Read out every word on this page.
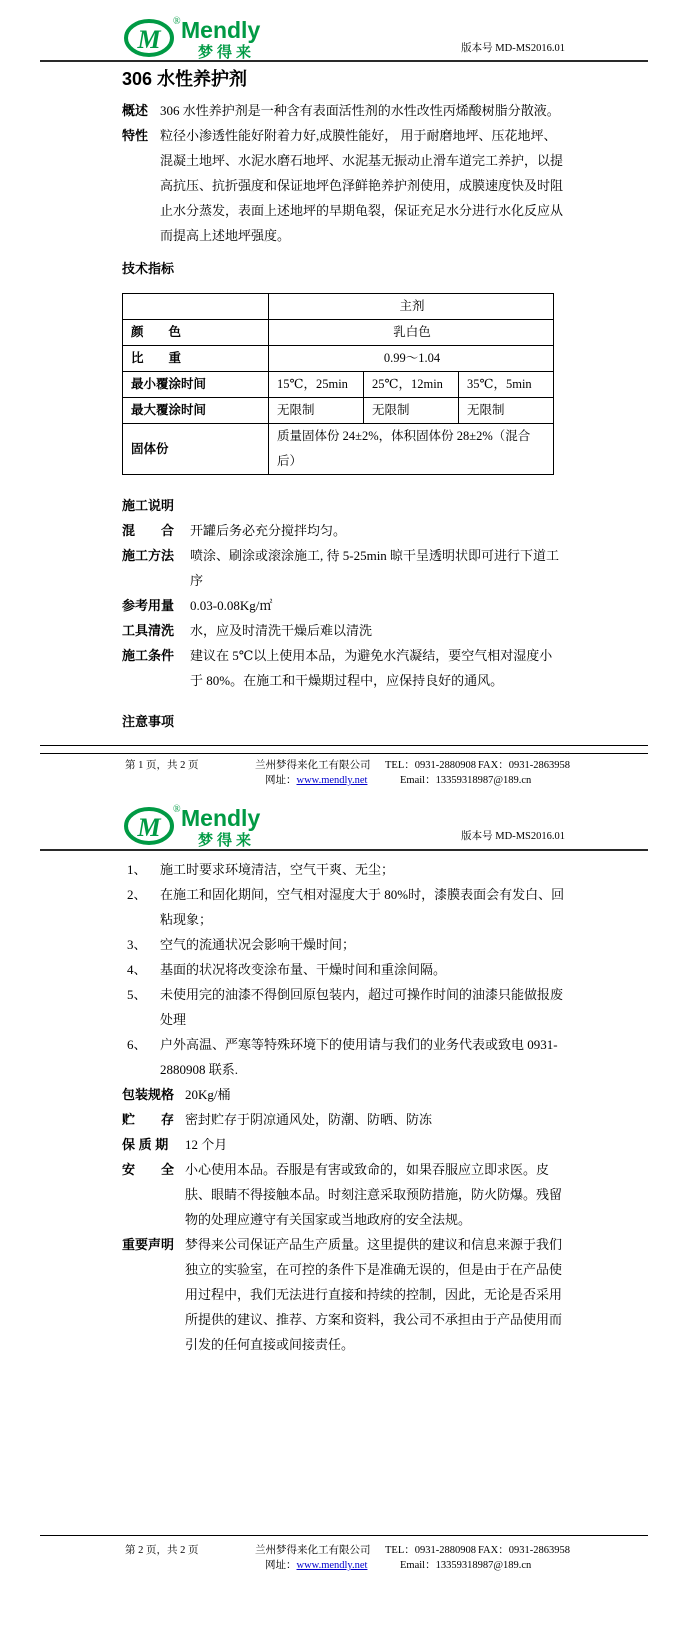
M
® Mendly
梦得来	版本号 MD-MS2016.01
306 水性养护剂
概述 306 水性养护剂是一种含有表面活性剂的水性改性丙烯酸树脂分散液。
特性 粒径小渗透性能好附着力好,成膜性能好， 用于耐磨地坪、压花地坪、混凝土地坪、水泥水磨石地坪、水泥基无振动止滑车道完工养护，以提高抗压、抗折强度和保证地坪色泽鲜艳养护剂使用，成膜速度快及时阻止水分蒸发，表面上述地坪的早期龟裂，保证充足水分进行水化反应从而提高上述地坪强度。
技术指标
	主剂		
颜　　色	乳白色		
比　　重	0.99～1.04		
最小覆涂时间	15℃，25min	25℃，12min	35℃，5min
最大覆涂时间	无限制	无限制	无限制
固体份	质量固体份 24±2%，体积固体份 28±2%（混合后）		
施工说明
混　　合	开罐后务必充分搅拌均匀。
施工方法	喷涂、刷涂或滚涂施工, 待 5-25min 晾干呈透明状即可进行下道工序
参考用量	0.03-0.08Kg/㎡
工具清洗	水，应及时清洗干燥后难以清洗
施工条件	建议在 5℃以上使用本品，为避免水汽凝结，要空气相对湿度小于 80%。在施工和干燥期过程中，应保持良好的通风。
注意事项
第 1 页，共 2 页	兰州梦得来化工有限公司 TEL：0931-2880908 FAX：0931-2863958
网址：www.mendly.net	Email：13359318987@189.cn
M
® Mendly
梦得来	版本号 MD-MS2016.01
1、	施工时要求环境清洁，空气干爽、无尘；
2、	在施工和固化期间，空气相对湿度大于 80%时，漆膜表面会有发白、回粘现象；
3、	空气的流通状况会影响干燥时间；
4、	基面的状况将改变涂布量、干燥时间和重涂间隔。
5、	未使用完的油漆不得倒回原包装内，超过可操作时间的油漆只能做报废处理
6、	户外高温、严寒等特殊环境下的使用请与我们的业务代表或致电 0931-2880908 联系.
包装规格 20Kg/桶
贮　　存 密封贮存于阴凉通风处，防潮、防晒、防冻
保 质 期	12 个月
安　　全 小心使用本品。吞服是有害或致命的，如果吞服应立即求医。皮肤、眼睛不得接触本品。时刻注意采取预防措施，防火防爆。残留物的处理应遵守有关国家或当地政府的安全法规。
重要声明 梦得来公司保证产品生产质量。这里提供的建议和信息来源于我们独立的实验室，在可控的条件下是准确无误的，但是由于在产品使用过程中，我们无法进行直接和持续的控制，因此，无论是否采用所提供的建议、推荐、方案和资料，我公司不承担由于产品使用而引发的任何直接或间接责任。
第 2 页，共 2 页	兰州梦得来化工有限公司 TEL：0931-2880908 FAX：0931-2863958
网址：www.mendly.net	Email：13359318987@189.cn
